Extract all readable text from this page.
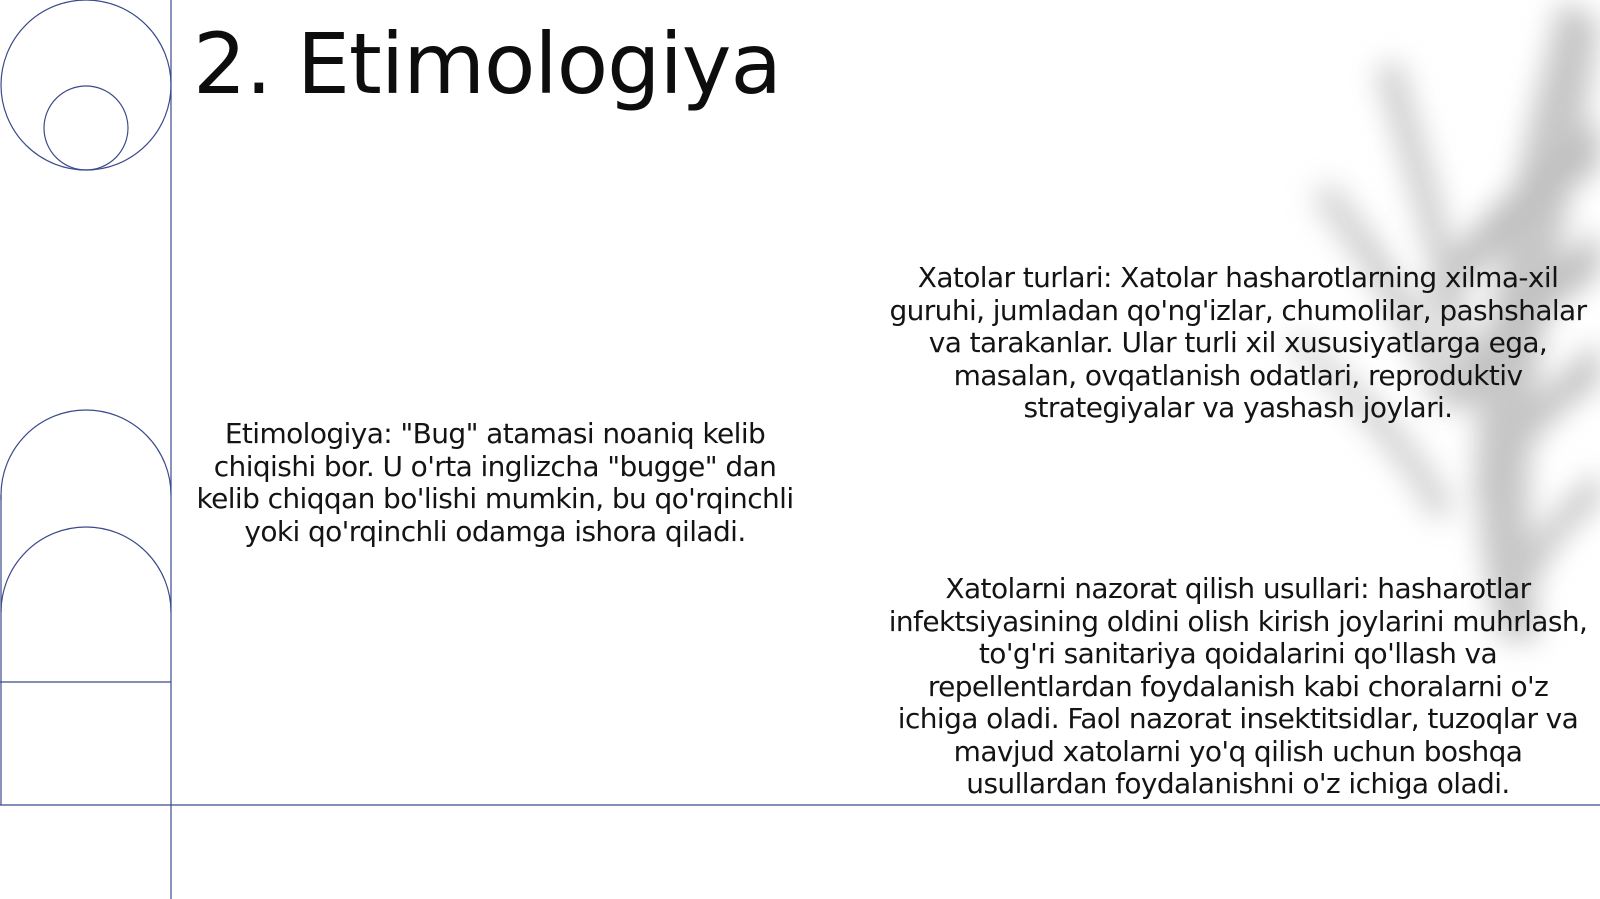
2. Etimologiya
Etimologiya: "Bug" atamasi noaniq kelib chiqishi bor. U o'rta inglizcha "bugge" dan kelib chiqqan bo'lishi mumkin, bu qo'rqinchli yoki qo'rqinchli odamga ishora qiladi.
Xatolar turlari: Xatolar hasharotlarning xilma-xil guruhi, jumladan qo'ng'izlar, chumolilar, pashshalar va tarakanlar. Ular turli xil xususiyatlarga ega, masalan, ovqatlanish odatlari, reproduktiv strategiyalar va yashash joylari.
Xatolarni nazorat qilish usullari: hasharotlar infektsiyasining oldini olish kirish joylarini muhrlash, to'g'ri sanitariya qoidalarini qo'llash va repellentlardan foydalanish kabi choralarni o'z ichiga oladi. Faol nazorat insektitsidlar, tuzoqlar va mavjud xatolarni yo'q qilish uchun boshqa usullardan foydalanishni o'z ichiga oladi.
